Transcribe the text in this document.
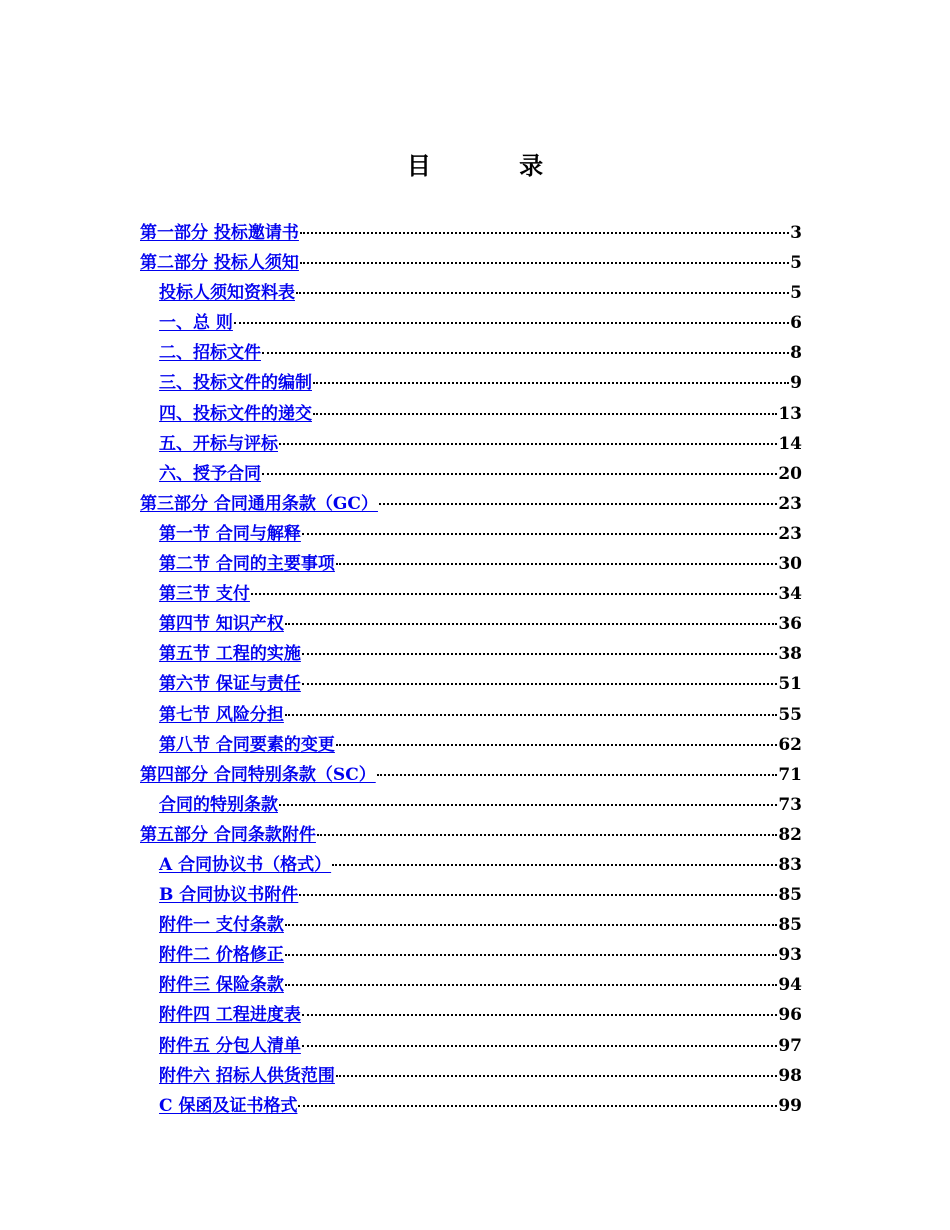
目 录
第一部分 投标邀请书	3
第二部分 投标人须知	5
投标人须知资料表	5
一、总 则	6
二、招标文件	8
三、投标文件的编制	9
四、投标文件的递交	13
五、开标与评标	14
六、授予合同	20
第三部分 合同通用条款（GC）	23
第一节 合同与解释	23
第二节 合同的主要事项	30
第三节 支付	34
第四节 知识产权	36
第五节 工程的实施	38
第六节 保证与责任	51
第七节 风险分担	55
第八节 合同要素的变更	62
第四部分 合同特别条款（SC）	71
合同的特别条款	73
第五部分 合同条款附件	82
A 合同协议书（格式）	83
B 合同协议书附件	85
附件一 支付条款	85
附件二 价格修正	93
附件三 保险条款	94
附件四 工程进度表	96
附件五 分包人清单	97
附件六 招标人供货范围	98
C 保函及证书格式	99
